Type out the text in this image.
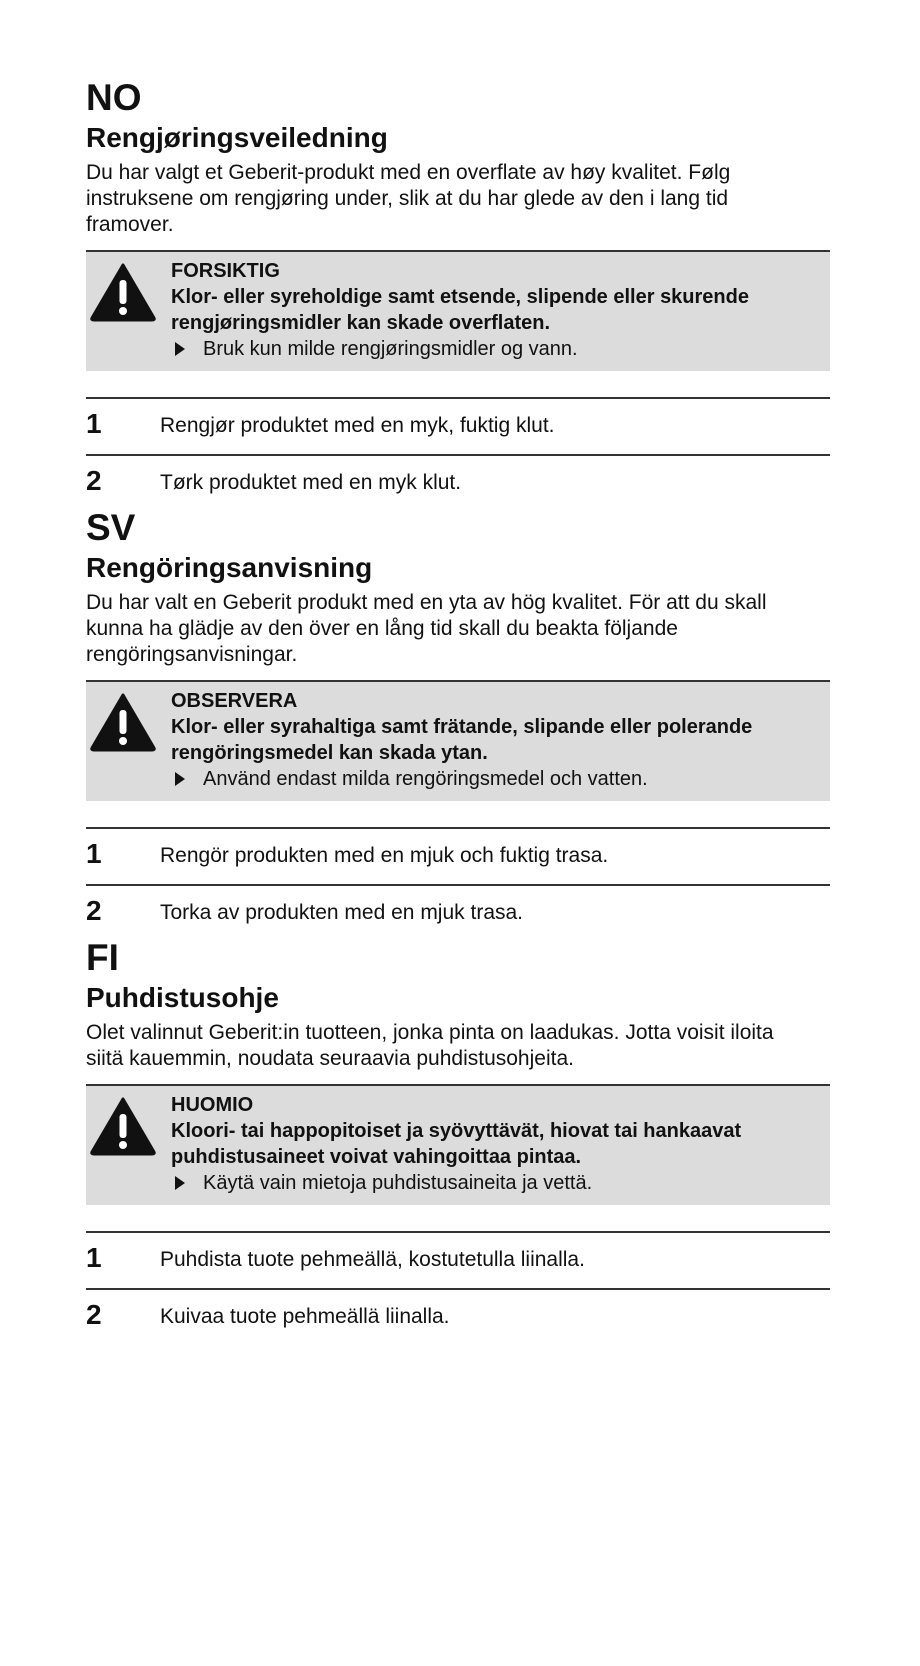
NO
Rengjøringsveiledning
Du har valgt et Geberit-produkt med en overflate av høy kvalitet. Følg
instruksene om rengjøring under, slik at du har glede av den i lang tid
framover.
FORSIKTIG
Klor- eller syreholdige samt etsende, slipende eller skurende
rengjøringsmidler kan skade overflaten.
Bruk kun milde rengjøringsmidler og vann.
1	Rengjør produktet med en myk, fuktig klut.
2	Tørk produktet med en myk klut.
SV
Rengöringsanvisning
Du har valt en Geberit produkt med en yta av hög kvalitet. För att du skall
kunna ha glädje av den över en lång tid skall du beakta följande
rengöringsanvisningar.
OBSERVERA
Klor- eller syrahaltiga samt frätande, slipande eller polerande
rengöringsmedel kan skada ytan.
Använd endast milda rengöringsmedel och vatten.
1	Rengör produkten med en mjuk och fuktig trasa.
2	Torka av produkten med en mjuk trasa.
FI
Puhdistusohje
Olet valinnut Geberit:in tuotteen, jonka pinta on laadukas. Jotta voisit iloita
siitä kauemmin, noudata seuraavia puhdistusohjeita.
HUOMIO
Kloori- tai happopitoiset ja syövyttävät, hiovat tai hankaavat
puhdistusaineet voivat vahingoittaa pintaa.
Käytä vain mietoja puhdistusaineita ja vettä.
1	Puhdista tuote pehmeällä, kostutetulla liinalla.
2	Kuivaa tuote pehmeällä liinalla.
